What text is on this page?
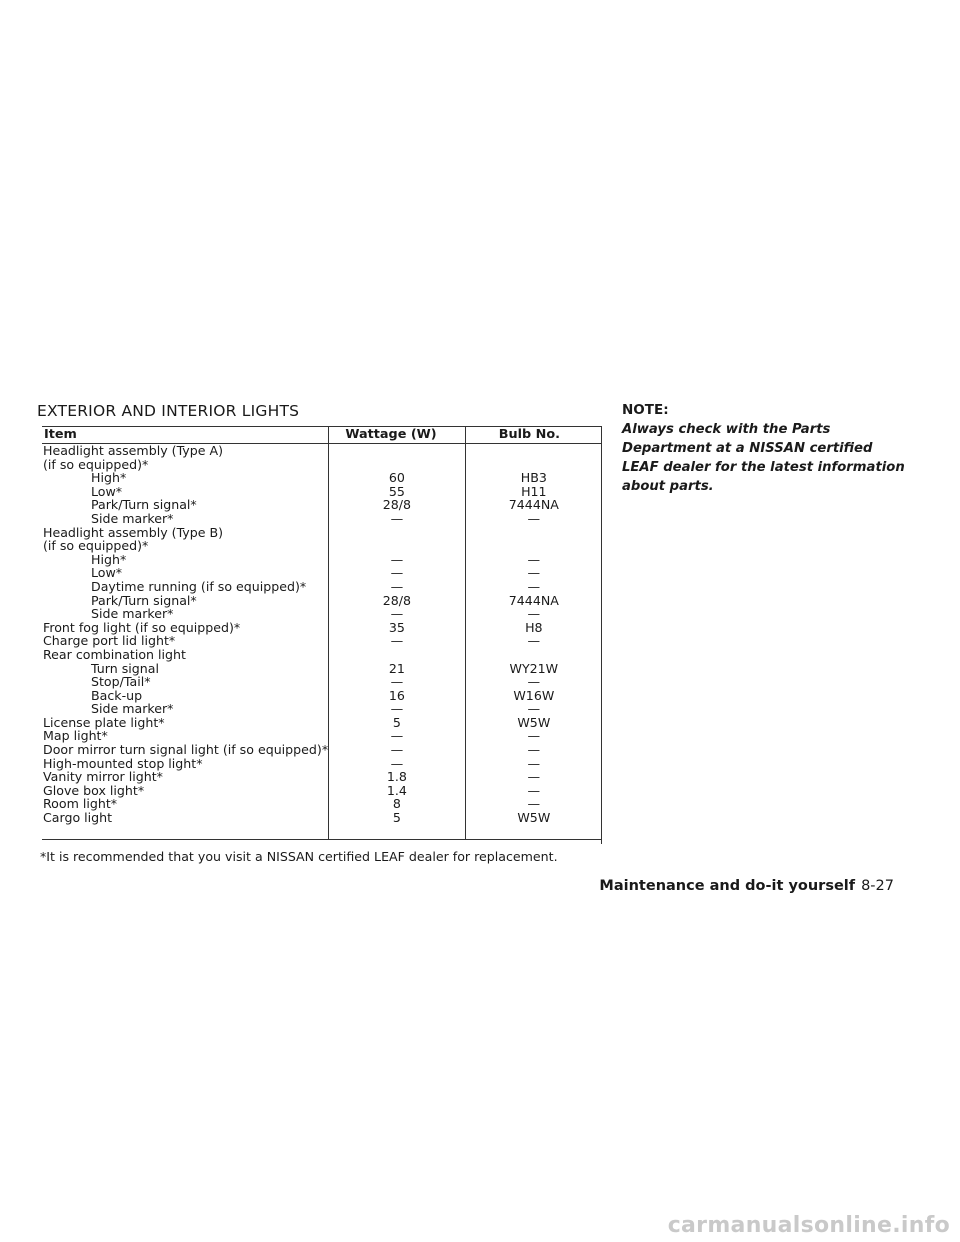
EXTERIOR AND INTERIOR LIGHTS
Item	Wattage (W)	Bulb No.
Headlight assembly (Type A)		
(if so equipped)*		
High*	60	HB3
Low*	55	H11
Park/Turn signal*	28/8	7444NA
Side marker*	—	—
Headlight assembly (Type B)		
(if so equipped)*		
High*	—	—
Low*	—	—
Daytime running (if so equipped)*	—	—
Park/Turn signal*	28/8	7444NA
Side marker*	—	—
Front fog light (if so equipped)*	35	H8
Charge port lid light*	—	—
Rear combination light		
Turn signal	21	WY21W
Stop/Tail*	—	—
Back-up	16	W16W
Side marker*	—	—
License plate light*	5	W5W
Map light*	—	—
Door mirror turn signal light (if so equipped)*	—	—
High-mounted stop light*	—	—
Vanity mirror light*	1.8	—
Glove box light*	1.4	—
Room light*	8	—
Cargo light	5	W5W
*It is recommended that you visit a NISSAN certified LEAF dealer for replacement.
NOTE:
Always check with the Parts Department at a NISSAN certified LEAF dealer for the latest information about parts.
Maintenance and do-it yourself 8-27
carmanualsonline.info
